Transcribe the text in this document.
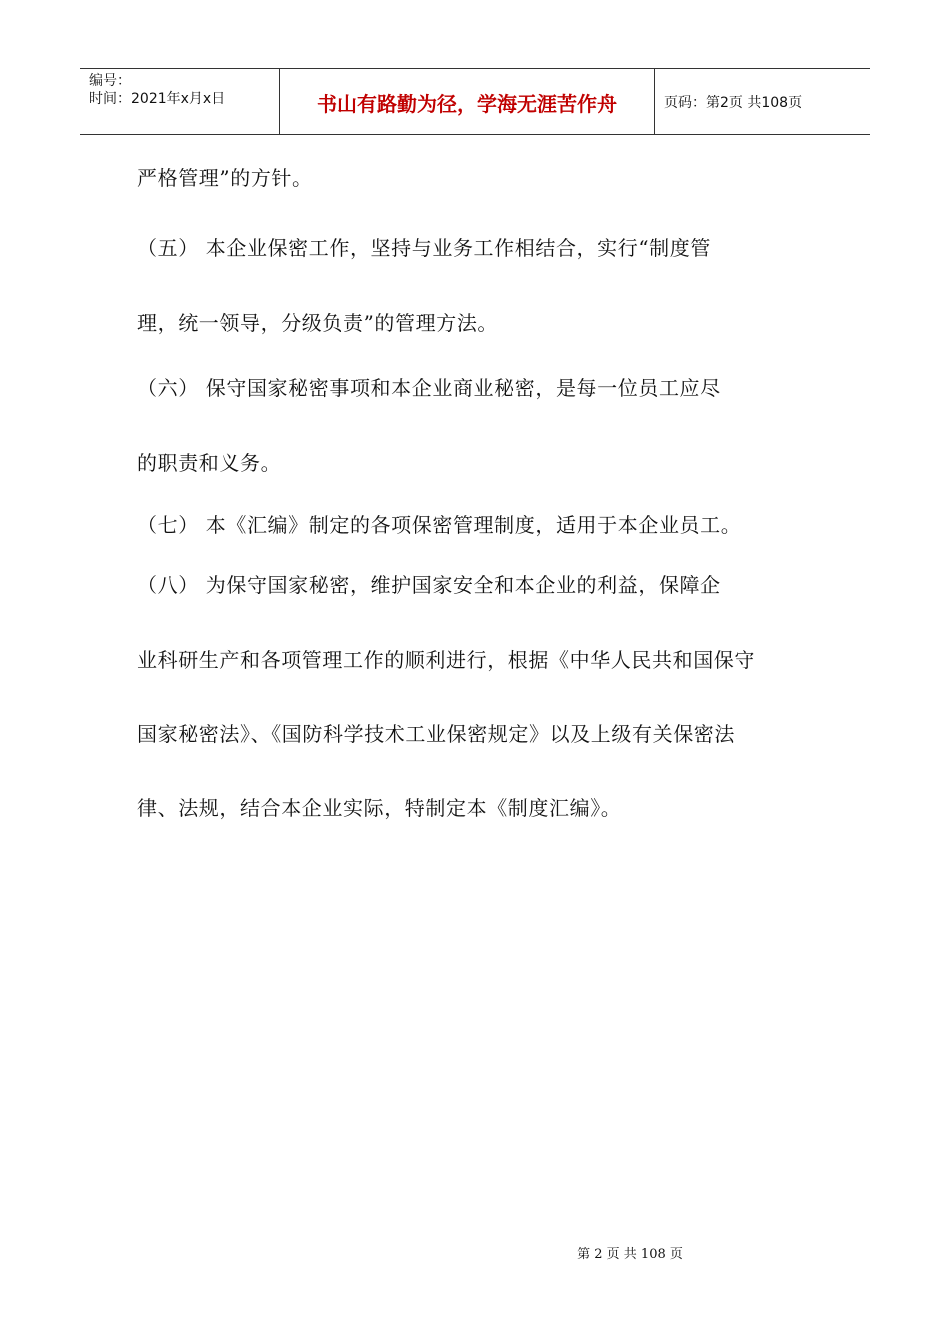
编号：
时间：2021年x月x日	书山有路勤为径，学海无涯苦作舟	页码：第2页 共108页
严格管理”的方针。
（五） 本企业保密工作，坚持与业务工作相结合，实行“制度管
理，统一领导，分级负责”的管理方法。
（六） 保守国家秘密事项和本企业商业秘密，是每一位员工应尽
的职责和义务。
（七） 本《汇编》制定的各项保密管理制度，适用于本企业员工。
（八） 为保守国家秘密，维护国家安全和本企业的利益，保障企
业科研生产和各项管理工作的顺利进行，根据《中华人民共和国保守
国家秘密法》、《国防科学技术工业保密规定》以及上级有关保密法
律、法规，结合本企业实际，特制定本《制度汇编》。
第 2 页 共 108 页
